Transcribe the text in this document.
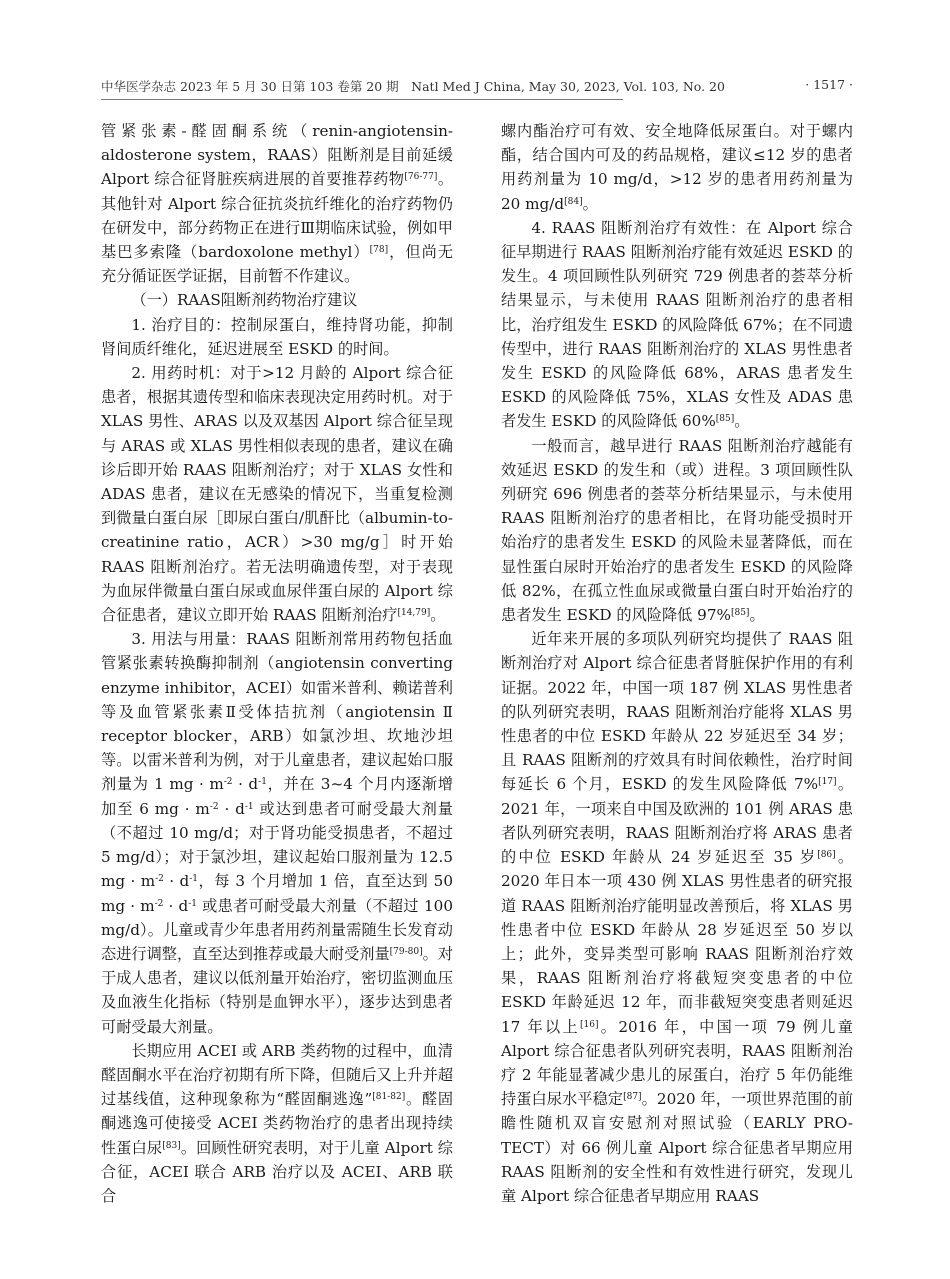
中华医学杂志 2023 年 5 月 30 日第 103 卷第 20 期　Natl Med J China, May 30, 2023, Vol. 103, No. 20	· 1517 ·

管紧张素-醛固酮系统（renin-angiotensin-aldosterone system，RAAS）阻断剂是目前延缓 Alport 综合征肾脏疾病进展的首要推荐药物[76-77]。其他针对 Alport 综合征抗炎抗纤维化的治疗药物仍在研发中，部分药物正在进行Ⅲ期临床试验，例如甲基巴多索隆（bardoxolone methyl）[78]，但尚无充分循证医学证据，目前暂不作建议。

（一）RAAS阻断剂药物治疗建议

1. 治疗目的：控制尿蛋白，维持肾功能，抑制肾间质纤维化，延迟进展至 ESKD 的时间。

2. 用药时机：对于>12 月龄的 Alport 综合征患者，根据其遗传型和临床表现决定用药时机。对于 XLAS 男性、ARAS 以及双基因 Alport 综合征呈现与 ARAS 或 XLAS 男性相似表现的患者，建议在确诊后即开始 RAAS 阻断剂治疗；对于 XLAS 女性和 ADAS 患者，建议在无感染的情况下，当重复检测到微量白蛋白尿［即尿白蛋白/肌酐比（albumin-to-creatinine ratio，ACR）>30 mg/g］时开始 RAAS 阻断剂治疗。若无法明确遗传型，对于表现为血尿伴微量白蛋白尿或血尿伴蛋白尿的 Alport 综合征患者，建议立即开始 RAAS 阻断剂治疗[14,79]。

3. 用法与用量：RAAS 阻断剂常用药物包括血管紧张素转换酶抑制剂（angiotensin converting enzyme inhibitor，ACEI）如雷米普利、赖诺普利等及血管紧张素Ⅱ受体拮抗剂（angiotensin Ⅱ receptor blocker，ARB）如氯沙坦、坎地沙坦等。以雷米普利为例，对于儿童患者，建议起始口服剂量为 1 mg · $m^{-2} \cdot d^{-1}$，并在 3~4 个月内逐渐增加至 6 mg · $m^{-2} \cdot d^{-1}$ 或达到患者可耐受最大剂量（不超过 10 mg/d；对于肾功能受损患者，不超过 5 mg/d）；对于氯沙坦，建议起始口服剂量为 12.5 mg · $m^{-2} \cdot d^{-1}$，每 3 个月增加 1 倍，直至达到 50 mg · $m^{-2} \cdot d^{-1}$ 或患者可耐受最大剂量（不超过 100 mg/d）。儿童或青少年患者用药剂量需随生长发育动态进行调整，直至达到推荐或最大耐受剂量[79-80]。对于成人患者，建议以低剂量开始治疗，密切监测血压及血液生化指标（特别是血钾水平），逐步达到患者可耐受最大剂量。

长期应用 ACEI 或 ARB 类药物的过程中，血清醛固酮水平在治疗初期有所下降，但随后又上升并超过基线值，这种现象称为“醛固酮逃逸”[81-82]。醛固酮逃逸可使接受 ACEI 类药物治疗的患者出现持续性蛋白尿[83]。回顾性研究表明，对于儿童 Alport 综合征，ACEI 联合 ARB 治疗以及 ACEI、ARB 联合

螺内酯治疗可有效、安全地降低尿蛋白。对于螺内酯，结合国内可及的药品规格，建议≤12 岁的患者用药剂量为 10 mg/d，>12 岁的患者用药剂量为 20 mg/d[84]。

4. RAAS 阻断剂治疗有效性：在 Alport 综合征早期进行 RAAS 阻断剂治疗能有效延迟 ESKD 的发生。4 项回顾性队列研究 729 例患者的荟萃分析结果显示，与未使用 RAAS 阻断剂治疗的患者相比，治疗组发生 ESKD 的风险降低 67%；在不同遗传型中，进行 RAAS 阻断剂治疗的 XLAS 男性患者发生 ESKD 的风险降低 68%，ARAS 患者发生 ESKD 的风险降低 75%，XLAS 女性及 ADAS 患者发生 ESKD 的风险降低 60%[85]。

一般而言，越早进行 RAAS 阻断剂治疗越能有效延迟 ESKD 的发生和（或）进程。3 项回顾性队列研究 696 例患者的荟萃分析结果显示，与未使用 RAAS 阻断剂治疗的患者相比，在肾功能受损时开始治疗的患者发生 ESKD 的风险未显著降低，而在显性蛋白尿时开始治疗的患者发生 ESKD 的风险降低 82%，在孤立性血尿或微量白蛋白时开始治疗的患者发生 ESKD 的风险降低 97%[85]。

近年来开展的多项队列研究均提供了 RAAS 阻断剂治疗对 Alport 综合征患者肾脏保护作用的有利证据。2022 年，中国一项 187 例 XLAS 男性患者的队列研究表明，RAAS 阻断剂治疗能将 XLAS 男性患者的中位 ESKD 年龄从 22 岁延迟至 34 岁；且 RAAS 阻断剂的疗效具有时间依赖性，治疗时间每延长 6 个月，ESKD 的发生风险降低 7%[17]。2021 年，一项来自中国及欧洲的 101 例 ARAS 患者队列研究表明，RAAS 阻断剂治疗将 ARAS 患者的中位 ESKD 年龄从 24 岁延迟至 35 岁[86]。2020 年日本一项 430 例 XLAS 男性患者的研究报道 RAAS 阻断剂治疗能明显改善预后，将 XLAS 男性患者中位 ESKD 年龄从 28 岁延迟至 50 岁以上；此外，变异类型可影响 RAAS 阻断剂治疗效果，RAAS 阻断剂治疗将截短突变患者的中位 ESKD 年龄延迟 12 年，而非截短突变患者则延迟 17 年以上[16]。2016 年，中国一项 79 例儿童 Alport 综合征患者队列研究表明，RAAS 阻断剂治疗 2 年能显著减少患儿的尿蛋白，治疗 5 年仍能维持蛋白尿水平稳定[87]。2020 年，一项世界范围的前瞻性随机双盲安慰剂对照试验（EARLY PRO-TECT）对 66 例儿童 Alport 综合征患者早期应用 RAAS 阻断剂的安全性和有效性进行研究，发现儿童 Alport 综合征患者早期应用 RAAS
